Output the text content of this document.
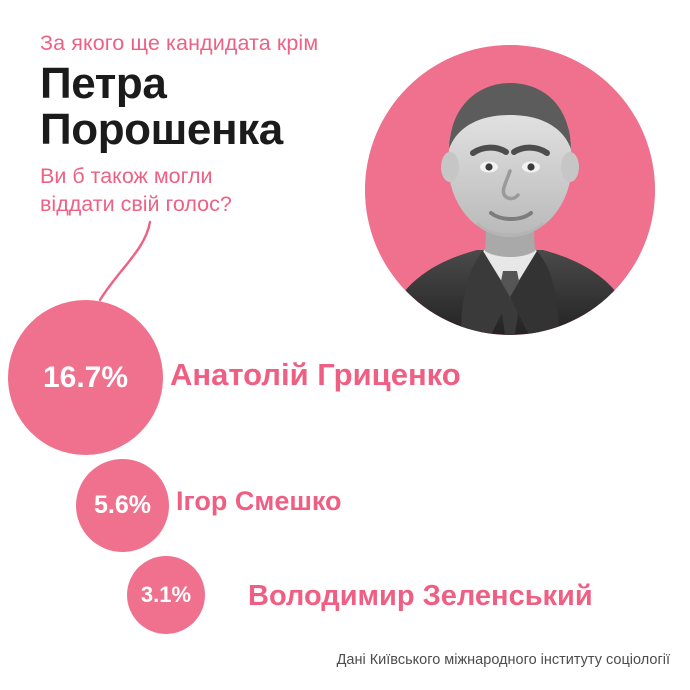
За якого ще кандидата крім
Петра
Порошенка
Ви б також могли
віддати свій голос?
16.7%	Анатолій Гриценко
5.6% Ігор Смешко
3.1%	Володимир Зеленський
Дані Київського міжнародного інституту соціології
